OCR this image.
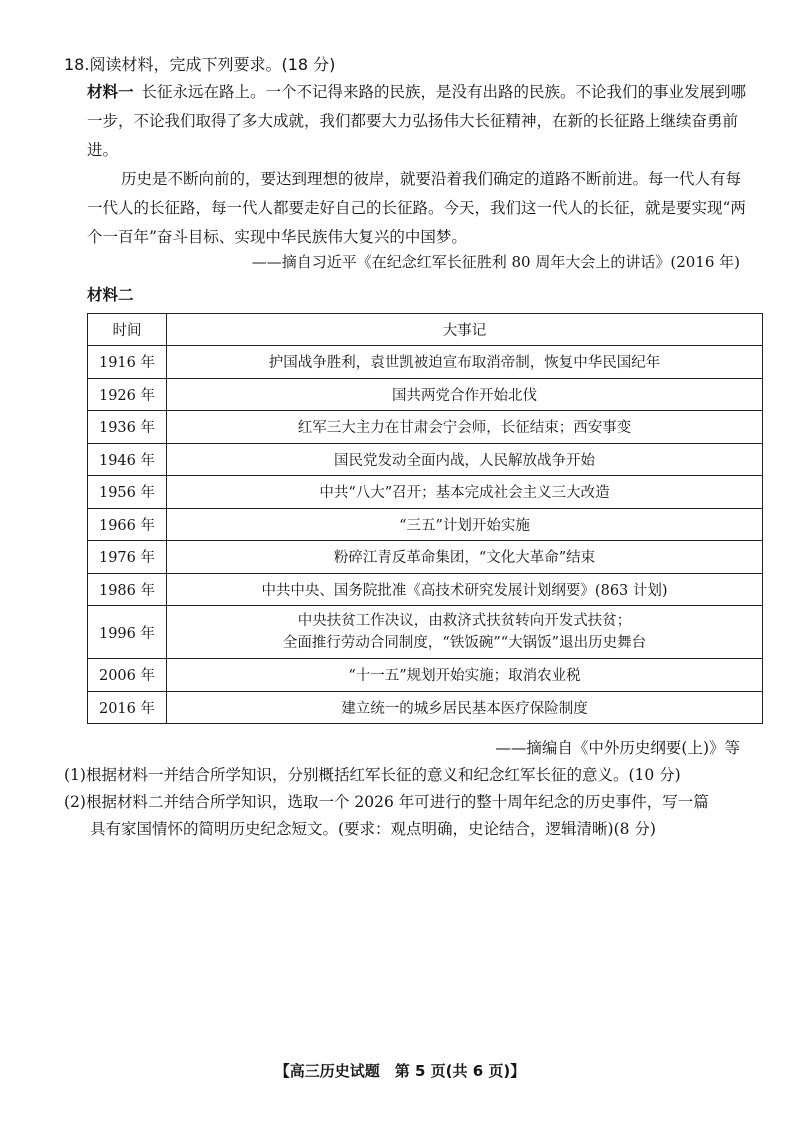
18.阅读材料，完成下列要求。(18 分)
材料一 长征永远在路上。一个不记得来路的民族，是没有出路的民族。不论我们的事业发展到哪一步，不论我们取得了多大成就，我们都要大力弘扬伟大长征精神，在新的长征路上继续奋勇前进。
历史是不断向前的，要达到理想的彼岸，就要沿着我们确定的道路不断前进。每一代人有每一代人的长征路，每一代人都要走好自己的长征路。今天，我们这一代人的长征，就是要实现“两个一百年”奋斗目标、实现中华民族伟大复兴的中国梦。
——摘自习近平《在纪念红军长征胜利 80 周年大会上的讲话》(2016 年)
材料二
时间	大事记
1916 年	护国战争胜利，袁世凯被迫宣布取消帝制，恢复中华民国纪年
1926 年	国共两党合作开始北伐
1936 年	红军三大主力在甘肃会宁会师，长征结束；西安事变
1946 年	国民党发动全面内战，人民解放战争开始
1956 年	中共“八大”召开；基本完成社会主义三大改造
1966 年	“三五”计划开始实施
1976 年	粉碎江青反革命集团，“文化大革命”结束
1986 年	中共中央、国务院批准《高技术研究发展计划纲要》(863 计划)
1996 年	中央扶贫工作决议，由救济式扶贫转向开发式扶贫；
全面推行劳动合同制度，“铁饭碗”“大锅饭”退出历史舞台

2006 年	“十一五”规划开始实施；取消农业税
2016 年	建立统一的城乡居民基本医疗保险制度
——摘编自《中外历史纲要(上)》等
(1)根据材料一并结合所学知识，分别概括红军长征的意义和纪念红军长征的意义。(10 分)
(2)根据材料二并结合所学知识，选取一个 2026 年可进行的整十周年纪念的历史事件，写一篇
具有家国情怀的简明历史纪念短文。(要求：观点明确，史论结合，逻辑清晰)(8 分)
【高三历史试题　第 5 页(共 6 页)】
